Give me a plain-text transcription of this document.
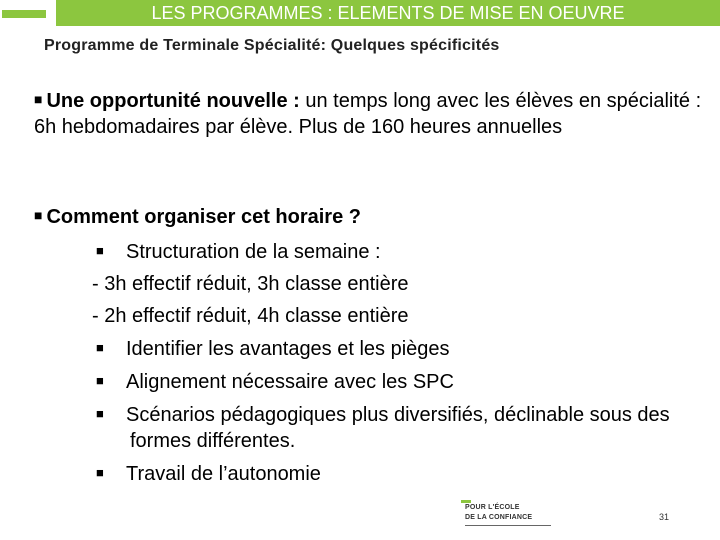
LES PROGRAMMES : ELEMENTS DE MISE EN OEUVRE
Programme de Terminale Spécialité: Quelques spécificités
■ Une opportunité nouvelle : un temps long avec les élèves en spécialité : 6h hebdomadaires par élève. Plus de 160 heures annuelles
■ Comment organiser cet horaire ?
■ Structuration de la semaine :
- 3h effectif réduit, 3h classe entière
- 2h effectif réduit, 4h classe entière
■ Identifier les avantages et les pièges
■ Alignement nécessaire avec les SPC
■ Scénarios pédagogiques plus diversifiés, déclinable sous des formes différentes.
■ Travail de l’autonomie
POUR L'ÉCOLE
DE LA CONFIANCE	31
